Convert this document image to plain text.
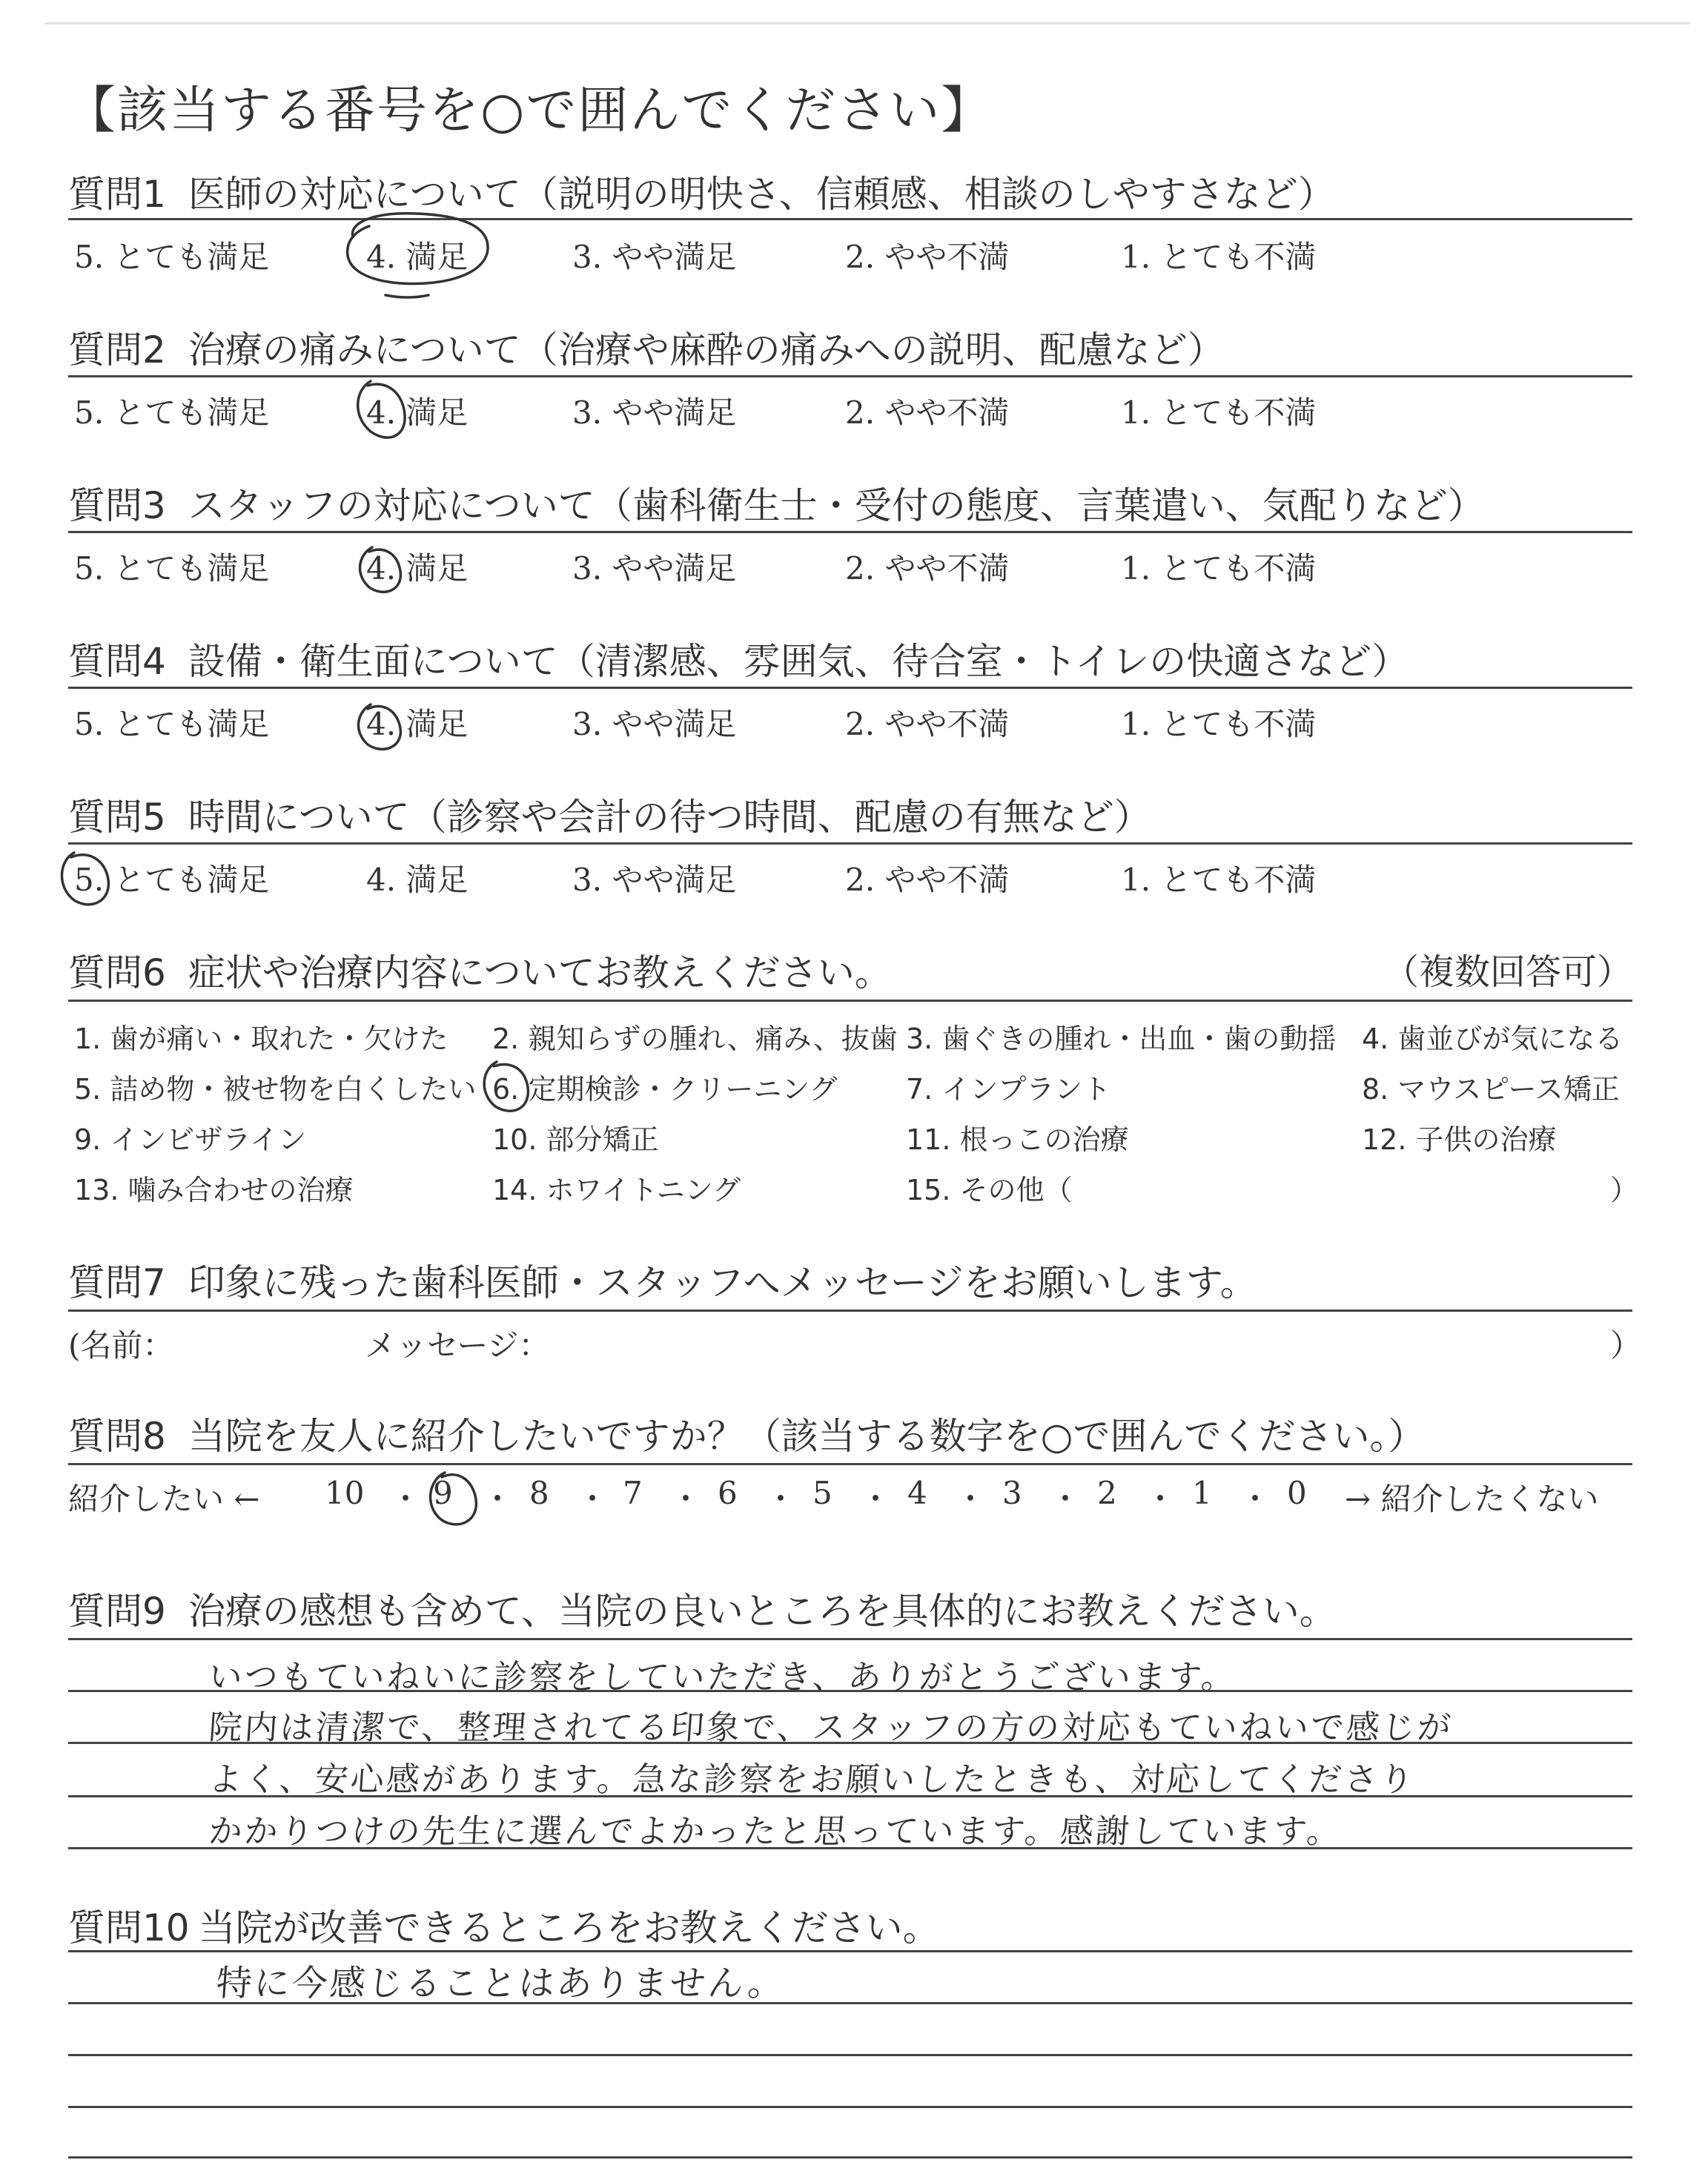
【該当する番号を○で囲んでください】
質問1 医師の対応について（説明の明快さ、信頼感、相談のしやすさなど）
5. とても満足	4. 満足	3. やや満足	2. やや不満	1. とても不満
質問2 治療の痛みについて（治療や麻酔の痛みへの説明、配慮など）
5. とても満足	4. 満足	3. やや満足	2. やや不満	1. とても不満
質問3 スタッフの対応について（歯科衛生士・受付の態度、言葉遣い、気配りなど）
5. とても満足	4. 満足	3. やや満足	2. やや不満	1. とても不満
質問4 設備・衛生面について（清潔感、雰囲気、待合室・トイレの快適さなど）
5. とても満足	4. 満足	3. やや満足	2. やや不満	1. とても不満
質問5 時間について（診察や会計の待つ時間、配慮の有無など）
5. とても満足	4. 満足	3. やや満足	2. やや不満	1. とても不満
質問6 症状や治療内容についてお教えください。	（複数回答可）
1. 歯が痛い・取れた・欠けた 2. 親知らずの腫れ、痛み、抜歯 3. 歯ぐきの腫れ・出血・歯の動揺 4. 歯並びが気になる
5. 詰め物・被せ物を白くしたい 6. 定期検診・クリーニング 7. インプラント	8. マウスピース矯正
9. インビザライン	10. 部分矯正	11. 根っこの治療	12. 子供の治療
13. 噛み合わせの治療	14. ホワイトニング	15. その他（	）
質問7 印象に残った歯科医師・スタッフへメッセージをお願いします。
(名前：	メッセージ：	）
質問8 当院を友人に紹介したいですか？（該当する数字を○で囲んでください。）
紹介したい ← 10 ・ 9 ・ 8 ・ 7 ・ 6 ・ 5 ・ 4 ・ 3 ・ 2 ・ 1 ・ 0 → 紹介したくない
質問9 治療の感想も含めて、当院の良いところを具体的にお教えください。
いつもていねいに診察をしていただき、ありがとうございます。
院内は清潔で、整理されてる印象で、スタッフの方の対応もていねいで感じが
よく、安心感があります。急な診察をお願いしたときも、対応してくださり
かかりつけの先生に選んでよかったと思っています。感謝しています。
質問10 当院が改善できるところをお教えください。
特に今感じることはありません。
